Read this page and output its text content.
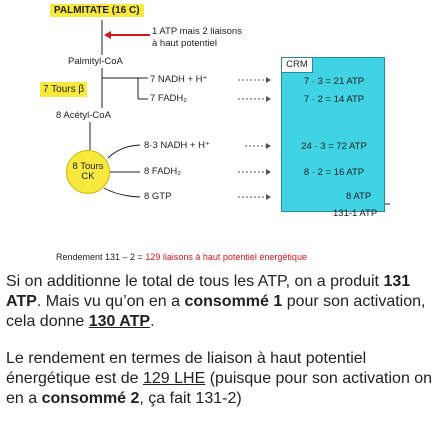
PALMITATE (16 C)
1 ATP mais 2 liaisons
à haut potentiel
Palmityl-CoA
7 Tours β
7 NADH + H⁺
7 FADH₂
8 Acétyl-CoA
8 Tours
CK
8·3 NADH + H⁺
8 FADH₂
8 GTP
CRM
7 · 3 = 21 ATP
7 · 2 = 14 ATP
24 · 3 = 72 ATP
8 · 2 = 16 ATP
8 ATP
131-1 ATP
Rendement 131 – 2 = 129 liaisons à haut potentiel énergétique
Si on additionne le total de tous les ATP, on a produit 131 ATP. Mais vu qu’on en a consommé 1 pour son activation, cela donne 130 ATP.
Le rendement en termes de liaison à haut potentiel énergétique est de 129 LHE (puisque pour son activation on en a consommé 2, ça fait 131-2)
